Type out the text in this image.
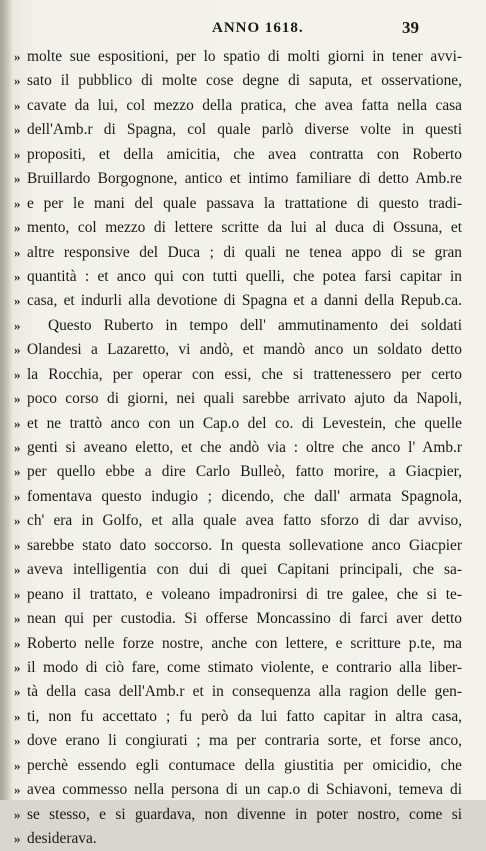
ANNO 1618.	39
» molte sue espositioni, per lo spatio di molti giorni in tener avvi-
» sato il pubblico di molte cose degne di saputa, et osservatione,
» cavate da lui, col mezzo della pratica, che avea fatta nella casa
» dell'Amb.r di Spagna, col quale parlò diverse volte in questi
» propositi, et della amicitia, che avea contratta con Roberto
» Bruillardo Borgognone, antico et intimo familiare di detto Amb.re
» e per le mani del quale passava la trattatione di questo tradi-
» mento, col mezzo di lettere scritte da lui al duca di Ossuna, et
» altre responsive del Duca ; di quali ne tenea appo di se gran
» quantità : et anco qui con tutti quelli, che potea farsi capitar in
» casa, et indurli alla devotione di Spagna et a danni della Repub.ca.
» Questo Ruberto in tempo dell' ammutinamento dei soldati
» Olandesi a Lazaretto, vi andò, et mandò anco un soldato detto
» la Rocchia, per operar con essi, che si trattenessero per certo
» poco corso di giorni, nei quali sarebbe arrivato ajuto da Napoli,
» et ne trattò anco con un Cap.o del co. di Levestein, che quelle
» genti si aveano eletto, et che andò via : oltre che anco l' Amb.r
» per quello ebbe a dire Carlo Bulleò, fatto morire, a Giacpier,
» fomentava questo indugio ; dicendo, che dall' armata Spagnola,
» ch' era in Golfo, et alla quale avea fatto sforzo di dar avviso,
» sarebbe stato dato soccorso. In questa sollevatione anco Giacpier
» aveva intelligentia con dui di quei Capitani principali, che sa-
» peano il trattato, e voleano impadronirsi di tre galee, che si te-
» nean qui per custodia. Si offerse Moncassino di farci aver detto
» Roberto nelle forze nostre, anche con lettere, e scritture p.te, ma
» il modo di ciò fare, come stimato violente, e contrario alla liber-
» tà della casa dell'Amb.r et in consequenza alla ragion delle gen-
» ti, non fu accettato ; fu però da lui fatto capitar in altra casa,
» dove erano li congiurati ; ma per contraria sorte, et forse anco,
» perchè essendo egli contumace della giustitia per omicidio, che
» avea commesso nella persona di un cap.o di Schiavoni, temeva di
» se stesso, e si guardava, non divenne in poter nostro, come si
» desiderava.
